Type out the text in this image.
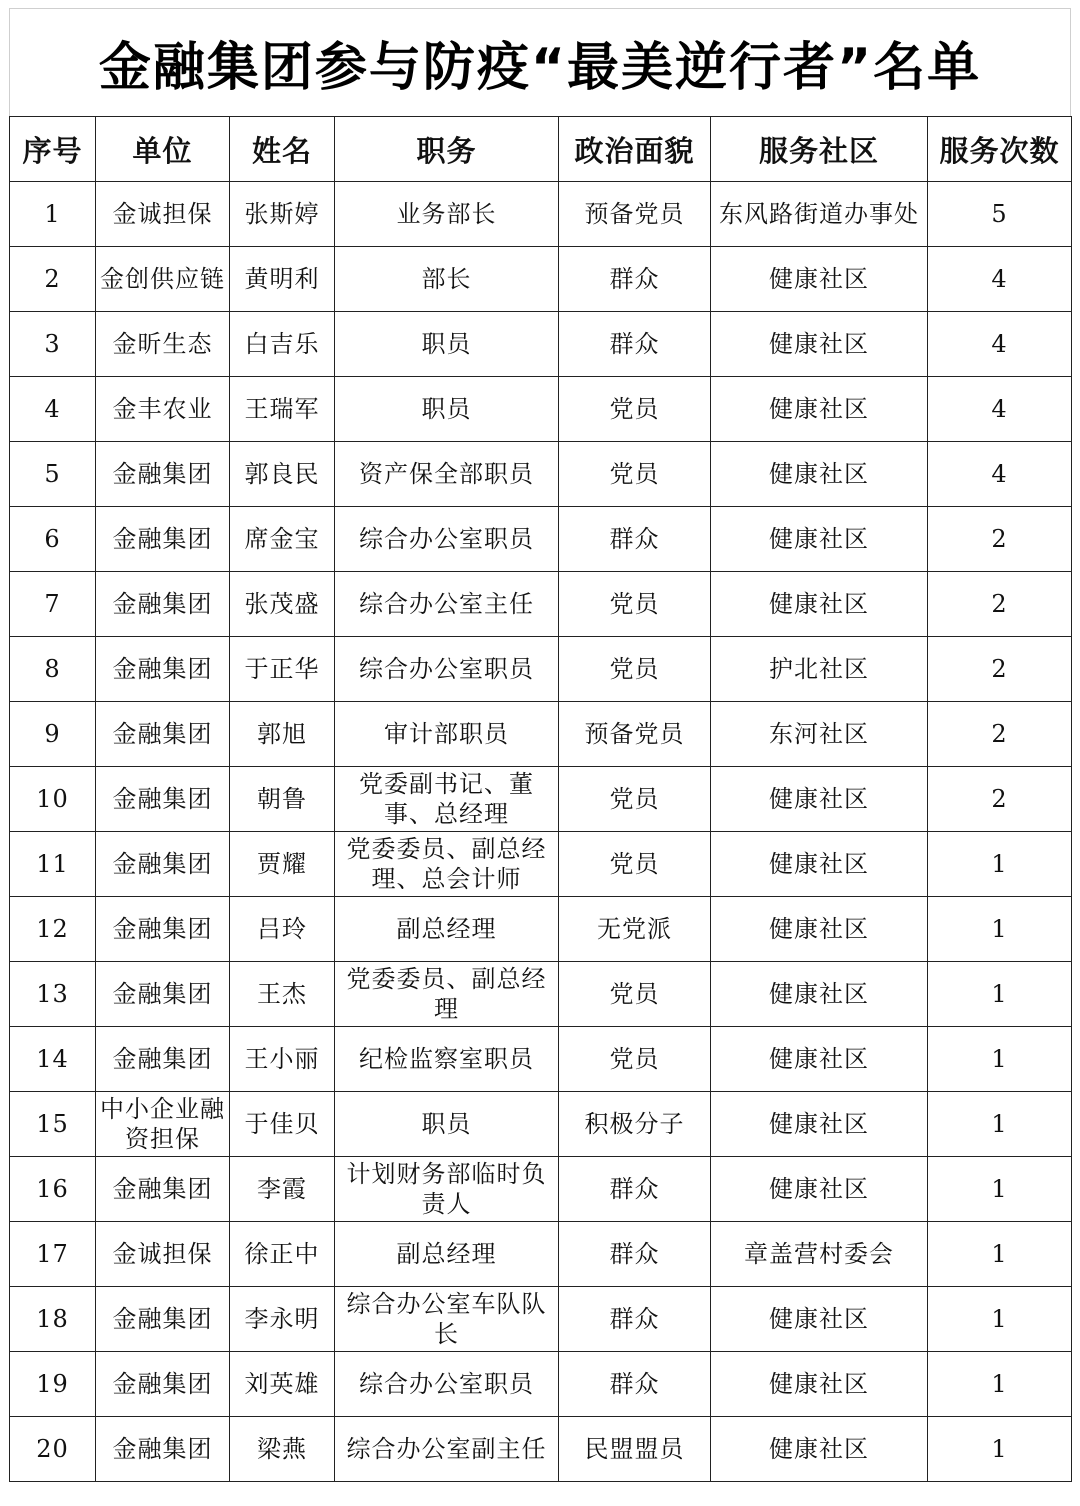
金融集团参与防疫“最美逆行者”名单
序号	单位	姓名	职务	政治面貌	服务社区	服务次数

1	金诚担保	张斯婷	业务部长	预备党员	东风路街道办事处	5

2	金创供应链	黄明利	部长	群众	健康社区	4

3	金昕生态	白吉乐	职员	群众	健康社区	4

4	金丰农业	王瑞军	职员	党员	健康社区	4

5	金融集团	郭良民	资产保全部职员	党员	健康社区	4

6	金融集团	席金宝	综合办公室职员	群众	健康社区	2

7	金融集团	张茂盛	综合办公室主任	党员	健康社区	2

8	金融集团	于正华	综合办公室职员	党员	护北社区	2

9	金融集团	郭旭	审计部职员	预备党员	东河社区	2

10	金融集团	朝鲁	党委副书记、董事、总经理	党员	健康社区	2

11	金融集团	贾耀	党委委员、副总经理、总会计师	党员	健康社区	1

12	金融集团	吕玲	副总经理	无党派	健康社区	1

13	金融集团	王杰	党委委员、副总经理	党员	健康社区	1

14	金融集团	王小丽	纪检监察室职员	党员	健康社区	1

15	中小企业融资担保	于佳贝	职员	积极分子	健康社区	1

16	金融集团	李霞	计划财务部临时负责人	群众	健康社区	1

17	金诚担保	徐正中	副总经理	群众	章盖营村委会	1

18	金融集团	李永明	综合办公室车队队长	群众	健康社区	1

19	金融集团	刘英雄	综合办公室职员	群众	健康社区	1

20	金融集团	梁燕	综合办公室副主任	民盟盟员	健康社区	1
